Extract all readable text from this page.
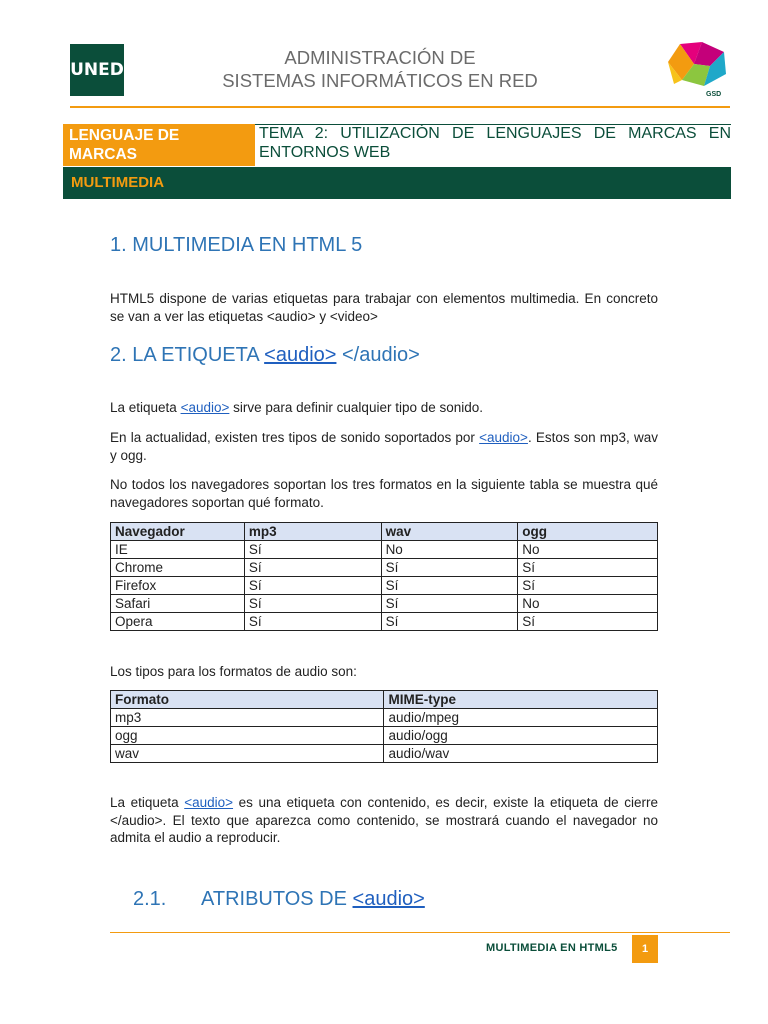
UNED
ADMINISTRACIÓN DE
SISTEMAS INFORMÁTICOS EN RED
GSD
LENGUAJE DE
MARCAS
TEMA 2: UTILIZACIÓN DE LENGUAJES DE MARCAS EN ENTORNOS WEB
MULTIMEDIA
1. MULTIMEDIA EN HTML 5
HTML5 dispone de varias etiquetas para trabajar con elementos multimedia. En concreto se van a ver las etiquetas <audio> y <video>
2. LA ETIQUETA <audio> </audio>
La etiqueta <audio> sirve para definir cualquier tipo de sonido.
En la actualidad, existen tres tipos de sonido soportados por <audio>. Estos son mp3, wav y ogg.
No todos los navegadores soportan los tres formatos en la siguiente tabla se muestra qué navegadores soportan qué formato.
Navegador	mp3	wav	ogg
IE	Sí	No	No
Chrome	Sí	Sí	Sí
Firefox	Sí	Sí	Sí
Safari	Sí	Sí	No
Opera	Sí	Sí	Sí
Los tipos para los formatos de audio son:
Formato	MIME-type
mp3	audio/mpeg
ogg	audio/ogg
wav	audio/wav
La etiqueta <audio> es una etiqueta con contenido, es decir, existe la etiqueta de cierre </audio>. El texto que aparezca como contenido, se mostrará cuando el navegador no admita el audio a reproducir.
2.1. ATRIBUTOS DE <audio>
MULTIMEDIA EN HTML5	1
